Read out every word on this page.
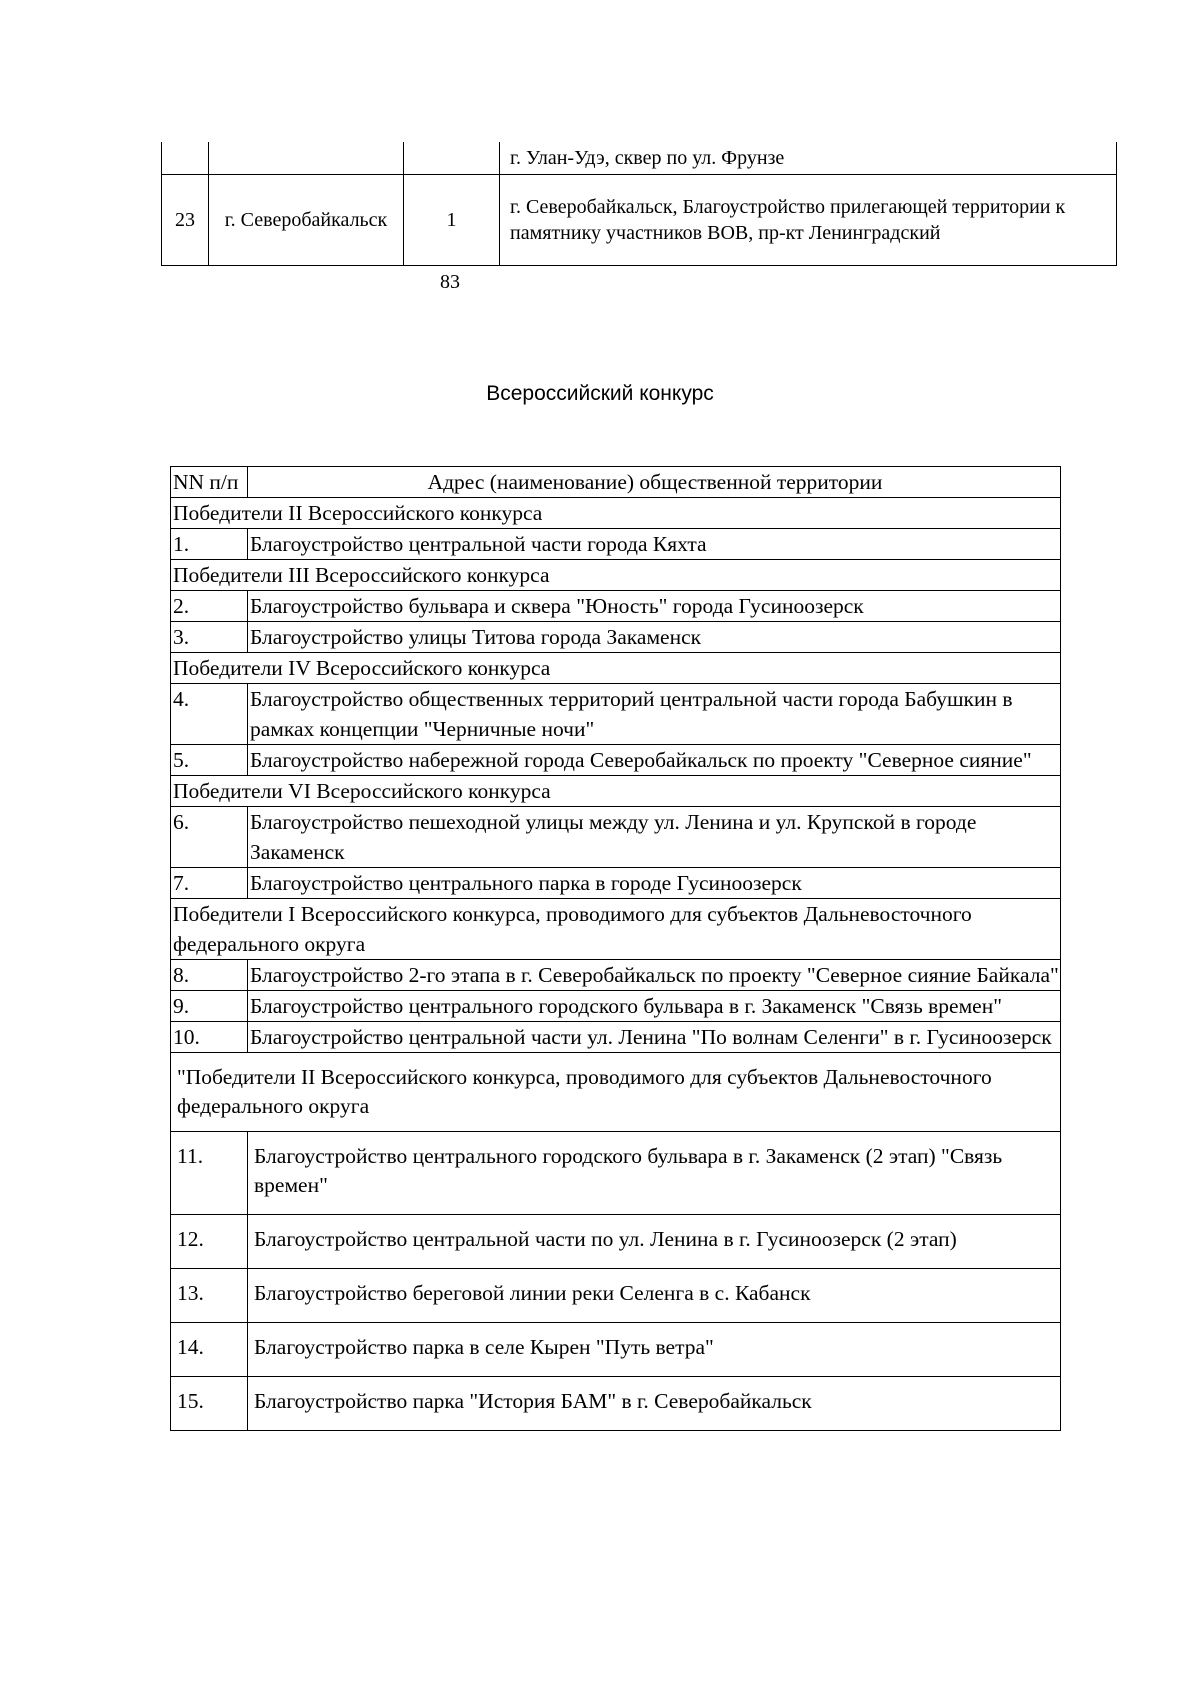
			г. Улан-Удэ, сквер по ул. Фрунзе
23	г. Северобайкальск	1	г. Северобайкальск, Благоустройство прилегающей территории к памятнику участников ВОВ, пр-кт Ленинградский
83
Всероссийский конкурс
NN п/п	Адрес (наименование) общественной территории
Победители II Всероссийского конкурса	
1.	Благоустройство центральной части города Кяхта
Победители III Всероссийского конкурса	
2.	Благоустройство бульвара и сквера "Юность" города Гусиноозерск
3.	Благоустройство улицы Титова города Закаменск
Победители IV Всероссийского конкурса	
4.	Благоустройство общественных территорий центральной части города Бабушкин в рамках концепции "Черничные ночи"
5.	Благоустройство набережной города Северобайкальск по проекту "Северное сияние"
Победители VI Всероссийского конкурса	
6.	Благоустройство пешеходной улицы между ул. Ленина и ул. Крупской в городе Закаменск
7.	Благоустройство центрального парка в городе Гусиноозерск
Победители I Всероссийского конкурса, проводимого для субъектов Дальневосточного федерального округа	
8.	Благоустройство 2-го этапа в г. Северобайкальск по проекту "Северное сияние Байкала"
9.	Благоустройство центрального городского бульвара в г. Закаменск "Связь времен"
10.	Благоустройство центральной части ул. Ленина "По волнам Селенги" в г. Гусиноозерск
"Победители II Всероссийского конкурса, проводимого для субъектов Дальневосточного федерального округа	
11.	Благоустройство центрального городского бульвара в г. Закаменск (2 этап) "Связь времен"
12.	Благоустройство центральной части по ул. Ленина в г. Гусиноозерск (2 этап)
13.	Благоустройство береговой линии реки Селенга в с. Кабанск
14.	Благоустройство парка в селе Кырен "Путь ветра"
15.	Благоустройство парка "История БАМ" в г. Северобайкальск
